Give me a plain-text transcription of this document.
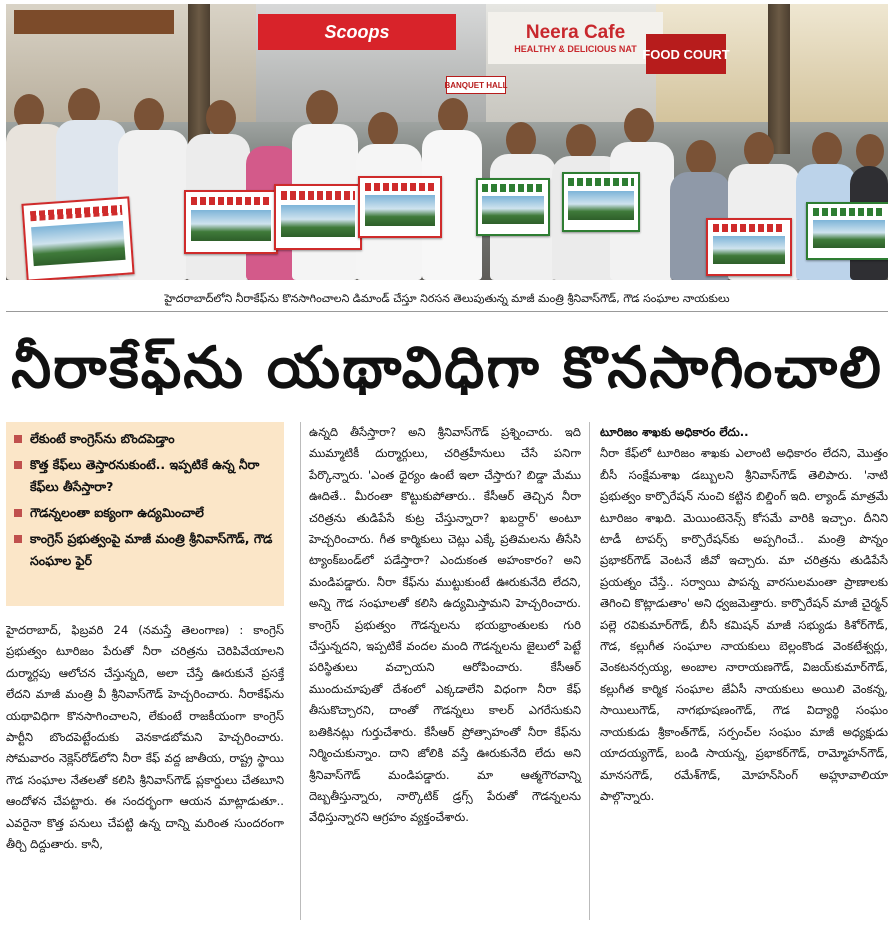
Scoops	Neera Cafe
HEALTHY & DELICIOUS NAT FOOD COURT
BANQUET HALL
హైదరాబాద్‌లోని నీరాకేఫ్‌ను కొనసాగించాలని డిమాండ్ చేస్తూ నిరసన తెలుపుతున్న మాజీ మంత్రి శ్రీనివాస్‌గౌడ్, గౌడ సంఘాల నాయకులు
నీరాకేఫ్‌ను యథావిధిగా కొనసాగించాలి
లేకుంటే కాంగ్రెస్‌ను బొందపెడ్తాం
కొత్త కేఫ్‌లు తెస్తారనుకుంటే.. ఇప్పటికే ఉన్న నీరా కేఫ్‌లు తీసేస్తారా?
గౌడన్నలంతా ఐక్యంగా ఉద్యమించాలే
కాంగ్రెస్ ప్రభుత్వంపై మాజీ మంత్రి శ్రీనివాస్‌గౌడ్, గౌడ సంఘాల ఫైర్

హైదరాబాద్, ఫిబ్రవరి 24 (నమస్తే తెలంగాణ) : కాంగ్రెస్ ప్రభుత్వం టూరిజం పేరుతో నీరా చరిత్రను చెరిపివేయాలని దుర్మార్గపు ఆలోచన చేస్తున్నది, అలా చేస్తే ఊరుకునే ప్రసక్తే లేదని మాజీ మంత్రి వీ శ్రీనివాస్‌గౌడ్ హెచ్చరించారు. నీరాకేఫ్‌ను యథావిధిగా కొనసాగించాలని, లేకుంటే రాజకీయంగా కాంగ్రెస్ పార్టీని బొందపెట్టేందుకు వెనకాడబోమని హెచ్చరించారు. సోమవారం నెక్లెస్‌రోడ్‌లోని నీరా కేఫ్ వద్ద జాతీయ, రాష్ట్ర స్థాయి గౌడ సంఘాల నేతలతో కలిసి శ్రీనివాస్‌గౌడ్ ప్లకార్డులు చేతబూని ఆందోళన చేపట్టారు. ఈ సందర్భంగా ఆయన మాట్లాడుతూ.. ఎవరైనా కొత్త పనులు చేపట్టి ఉన్న దాన్ని మరింత సుందరంగా తీర్చి దిద్దుతారు. కానీ,

ఉన్నది తీసేస్తారా? అని శ్రీనివాస్‌గౌడ్ ప్రశ్నించారు. ఇది ముమ్మాటికీ దుర్మార్గులు, చరిత్రహీనులు చేసే పనిగా పేర్కొన్నారు. 'ఎంత ధైర్యం ఉంటే ఇలా చేస్తారు? బిడ్డా మేము ఊదితే.. మీరంతా కొట్టుకుపోతారు.. కేసీఆర్ తెచ్చిన నీరా చరిత్రను తుడిపేసే కుట్ర చేస్తున్నారా? ఖబర్దార్' అంటూ హెచ్చరించారు. గీత కార్మికులు చెట్లు ఎక్కే ప్రతిమలను తీసేసి ట్యాంక్‌బండ్‌లో పడేస్తారా? ఎందుకంత అహంకారం? అని మండిపడ్డారు. నీరా కేఫ్‌ను ముట్టుకుంటే ఊరుకునేది లేదని, అన్ని గౌడ సంఘాలతో కలిసి ఉద్యమిస్తామని హెచ్చరించారు. కాంగ్రెస్ ప్రభుత్వం గౌడన్నలను భయభ్రాంతులకు గురి చేస్తున్నదని, ఇప్పటికే వందల మంది గౌడన్నలను జైలులో పెట్టే పరిస్థితులు వచ్చాయని ఆరోపించారు. కేసీఆర్ ముందుచూపుతో దేశంలో ఎక్కడాలేని విధంగా నీరా కేఫ్ తీసుకొచ్చారని, దాంతో గౌడన్నలు కాలర్ ఎగరేసుకుని బతికినట్లు గుర్తుచేశారు. కేసీఆర్ ప్రోత్సాహంతో నీరా కేఫ్‌ను నిర్మించుకున్నాం. దాని జోలికి వస్తే ఊరుకునేది లేదు అని శ్రీనివాస్‌గౌడ్ మండిపడ్డారు. మా ఆత్మగౌరవాన్ని దెబ్బతీస్తున్నారు, నార్కొటిక్ డ్రగ్స్ పేరుతో గౌడన్నలను వేధిస్తున్నారని ఆగ్రహం వ్యక్తంచేశారు.

టూరిజం శాఖకు అధికారం లేదు..

నీరా కేఫ్‌లో టూరిజం శాఖకు ఎలాంటి అధికారం లేదని, మొత్తం బీసీ సంక్షేమశాఖ డబ్బులని శ్రీనివాస్‌గౌడ్ తెలిపారు. 'నాటి ప్రభుత్వం కార్పొరేషన్ నుంచి కట్టిన బిల్డింగ్ ఇది. ల్యాండ్ మాత్రమే టూరిజం శాఖది. మెయింటెనెన్స్ కోసమే వారికి ఇచ్చాం. దీనిని టాడీ టాపర్స్ కార్పొరేషన్‌కు అప్పగించే.. మంత్రి పొన్నం ప్రభాకర్‌గౌడ్ వెంటనే జీవో ఇచ్చారు. మా చరిత్రను తుడిపేసే ప్రయత్నం చేస్తే.. సర్వాయి పాపన్న వారసులమంతా ప్రాణాలకు తెగించి కొట్లాడుతాం' అని ధ్వజమెత్తారు. కార్పొరేషన్ మాజీ చైర్మన్ పల్లె రవికుమార్‌గౌడ్, బీసీ కమిషన్ మాజీ సభ్యుడు కిశోర్‌గౌడ్, గౌడ, కల్లుగీత సంఘాల నాయకులు బెల్లంకొండ వెంకటేశ్వర్లు, వెంకటనర్సయ్య, అంబాల నారాయణగౌడ్, విజయ్‌కుమార్‌గౌడ్, కల్లుగీత కార్మిక సంఘాల జేఏసీ నాయకులు అయిలి వెంకన్న, సాయిలుగౌడ్, నాగభూషణంగౌడ్, గౌడ విద్యార్థి సంఘం నాయకుడు శ్రీకాంత్‌గౌడ్, సర్పంచ్‌ల సంఘం మాజీ అధ్యక్షుడు యాదయ్యగౌడ్, బండి సాయన్న, ప్రభాకర్‌గౌడ్, రామ్మోహన్‌గౌడ్, మానసగౌడ్, రమేశ్‌గౌడ్, మోహన్‌సింగ్ అహ్లూవాలియా పాల్గొన్నారు.
